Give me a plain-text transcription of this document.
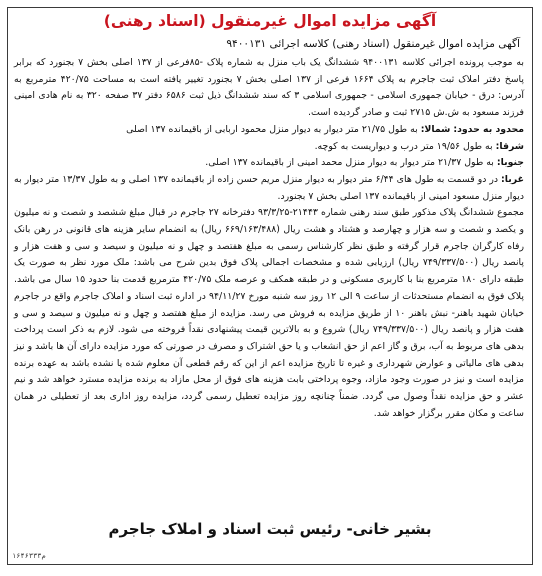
آگهی مزایده اموال غیرمنقول (اسناد رهنی)
آگهی مزایده اموال غیرمنقول (اسناد رهنی) کلاسه اجرائی ۹۴۰۰۱۳۱

به موجب پرونده اجرائی کلاسه ۹۴۰۰۱۳۱ ششدانگ یک باب منزل به شماره پلاک -۸۵فرعی از ۱۳۷ اصلی بخش ۷ بجنورد که برابر پاسخ دفتر املاک ثبت جاجرم به پلاک ۱۶۶۴ فرعی از ۱۳۷ اصلی بخش ۷ بجنورد تغییر یافته است به مساحت ۴۲۰/۷۵ مترمربع به آدرس: درق - خیابان جمهوری اسلامی - جمهوری اسلامی ۳ که سند ششدانگ ذیل ثبت ۶۵۸۶ دفتر ۳۷ صفحه ۳۲۰ به نام هادی امینی فرزند مسعود به ش.ش ۲۷۱۵ ثبت و صادر گردیده است.

محدود به حدود: شمالا: به طول ۲۱/۷۵ متر دیوار به دیوار منزل محمود اربابی از باقیمانده ۱۳۷ اصلی

شرقا: به طول ۱۹/۵۶ متر درب و دیواریست به کوچه.

جنوبا: به طول ۲۱/۳۷ متر دیوار به دیوار منزل محمد امینی از باقیمانده ۱۳۷ اصلی.

غربا: در دو قسمت به طول های ۶/۴۴ متر دیوار به دیوار منزل مریم حسن زاده از باقیمانده ۱۳۷ اصلی و به طول ۱۳/۳۷ متر دیوار به دیوار منزل مسعود امینی از باقیمانده ۱۳۷ اصلی بخش ۷ بجنورد.

مجموع ششدانگ پلاک مذکور طبق سند رهنی شماره ۲۱۴۴۳-۹۳/۳/۲۵ دفترخانه ۲۷ جاجرم در قبال مبلغ ششصد و شصت و نه میلیون و یکصد و شصت و سه هزار و چهارصد و هشتاد و هشت ریال (۶۶۹/۱۶۳/۴۸۸ ریال) به انضمام سایر هزینه های قانونی در رهن بانک رفاه کارگران جاجرم قرار گرفته و طبق نظر کارشناس رسمی به مبلغ هفتصد و چهل و نه میلیون و سیصد و سی و هفت هزار و پانصد ریال (۷۴۹/۳۳۷/۵۰۰ ریال) ارزیابی شده و مشخصات اجمالی پلاک فوق بدین شرح می باشد: ملک مورد نظر به صورت یک طبقه دارای ۱۸۰ مترمربع بنا با کاربری مسکونی و در طبقه همکف و عرصه ملک ۴۲۰/۷۵ مترمربع قدمت بنا حدود ۱۵ سال می باشد. پلاک فوق به انضمام مستحدثات از ساعت ۹ الی ۱۲ روز سه شنبه مورخ ۹۴/۱۱/۲۷ در اداره ثبت اسناد و املاک جاجرم واقع در جاجرم خیابان شهید باهنر- نبش باهنر ۱۰ از طریق مزایده به فروش می رسد. مزایده از مبلغ هفتصد و چهل و نه میلیون و سیصد و سی و هفت هزار و پانصد ریال (۷۴۹/۳۳۷/۵۰۰ ریال) شروع و به بالاترین قیمت پیشنهادی نقداً فروخته می شود. لازم به ذکر است پرداخت بدهی های مربوط به آب، برق و گاز اعم از حق انشعاب و یا حق اشتراک و مصرف در صورتی که مورد مزایده دارای آن ها باشد و نیز بدهی های مالیاتی و عوارض شهرداری و غیره تا تاریخ مزایده اعم از این که رقم قطعی آن معلوم شده یا نشده باشد به عهده برنده مزایده است و نیز در صورت وجود مازاد، وجوه پرداختی بابت هزینه های فوق از محل مازاد به برنده مزایده مسترد خواهد شد و نیم عشر و حق مزایده نقداً وصول می گردد. ضمناً چنانچه روز مزایده تعطیل رسمی گردد، مزایده روز اداری بعد از تعطیلی در همان ساعت و مکان مقرر برگزار خواهد شد.

بشیر خانی- رئیس ثبت اسناد و املاک جاجرم
م۱۶۴۶۳۳۳
